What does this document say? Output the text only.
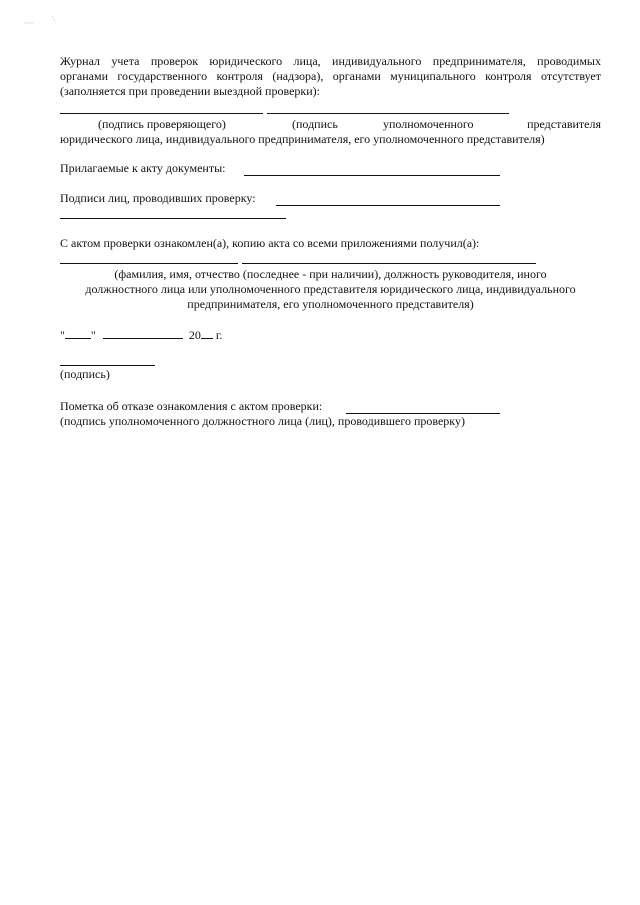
Журнал учета проверок юридического лица, индивидуального предпринимателя, проводимых
органами государственного контроля (надзора), органами муниципального контроля отсутствует
(заполняется при проведении выездной проверки):
(подпись проверяющего)	(подпись	уполномоченного	представителя
юридического лица, индивидуального предпринимателя, его уполномоченного представителя)
Прилагаемые к акту документы:
Подписи лиц, проводивших проверку:
С актом проверки ознакомлен(а), копию акта со всеми приложениями получил(а):
(фамилия, имя, отчество (последнее - при наличии), должность руководителя, иного
должностного лица или уполномоченного представителя юридического лица, индивидуального
предпринимателя, его уполномоченного представителя)
" "	20 г.
(подпись)
Пометка об отказе ознакомления с актом проверки:
(подпись уполномоченного должностного лица (лиц), проводившего проверку)
